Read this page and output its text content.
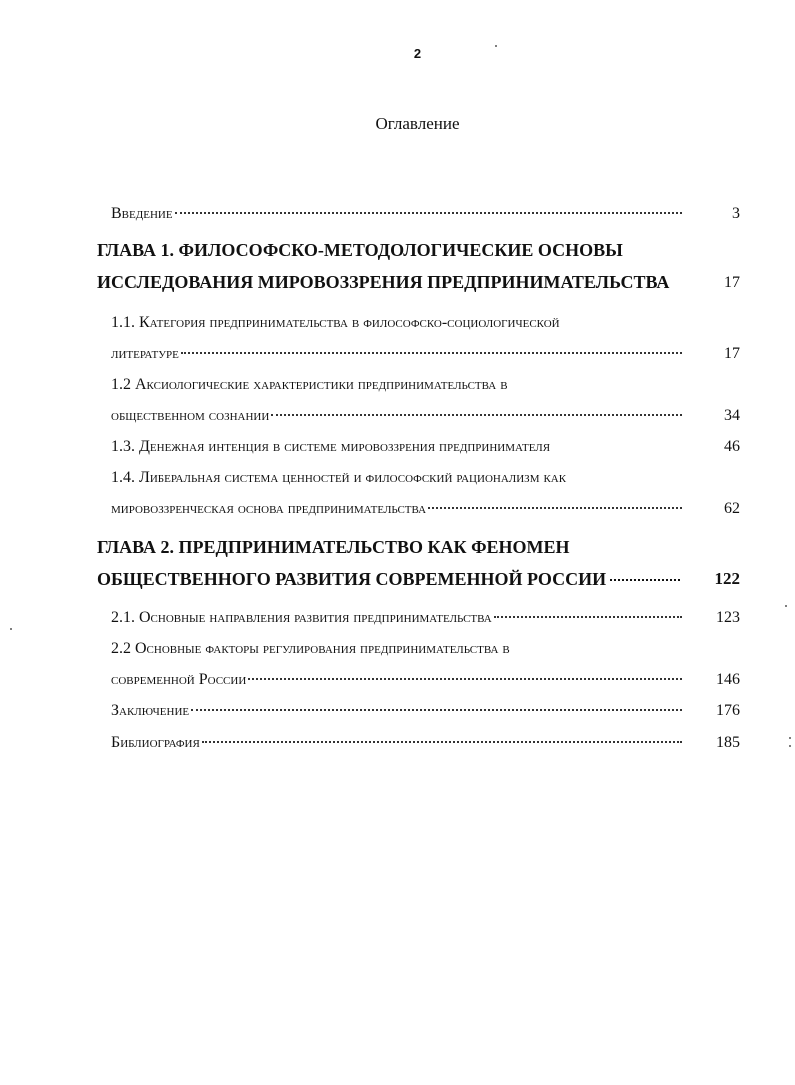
2
Оглавление
Введение	3
ГЛАВА 1. ФИЛОСОФСКО-МЕТОДОЛОГИЧЕСКИЕ ОСНОВЫ
ИССЛЕДОВАНИЯ МИРОВОЗЗРЕНИЯ ПРЕДПРИНИМАТЕЛЬСТВА	17
1.1. Категория предпринимательства в философско-социологической
литературе	17
1.2 Аксиологические характеристики предпринимательства в
общественном сознании	34
1.3. Денежная интенция в системе мировоззрения предпринимателя	46
1.4. Либеральная система ценностей и философский рационализм как
мировоззренческая основа предпринимательства	62
ГЛАВА 2. ПРЕДПРИНИМАТЕЛЬСТВО КАК ФЕНОМЕН
ОБЩЕСТВЕННОГО РАЗВИТИЯ СОВРЕМЕННОЙ РОССИИ	122
2.1. Основные направления развития предпринимательства	123
2.2 Основные факторы регулирования предпринимательства в
современной России	146
Заключение	176
Библиография	185
